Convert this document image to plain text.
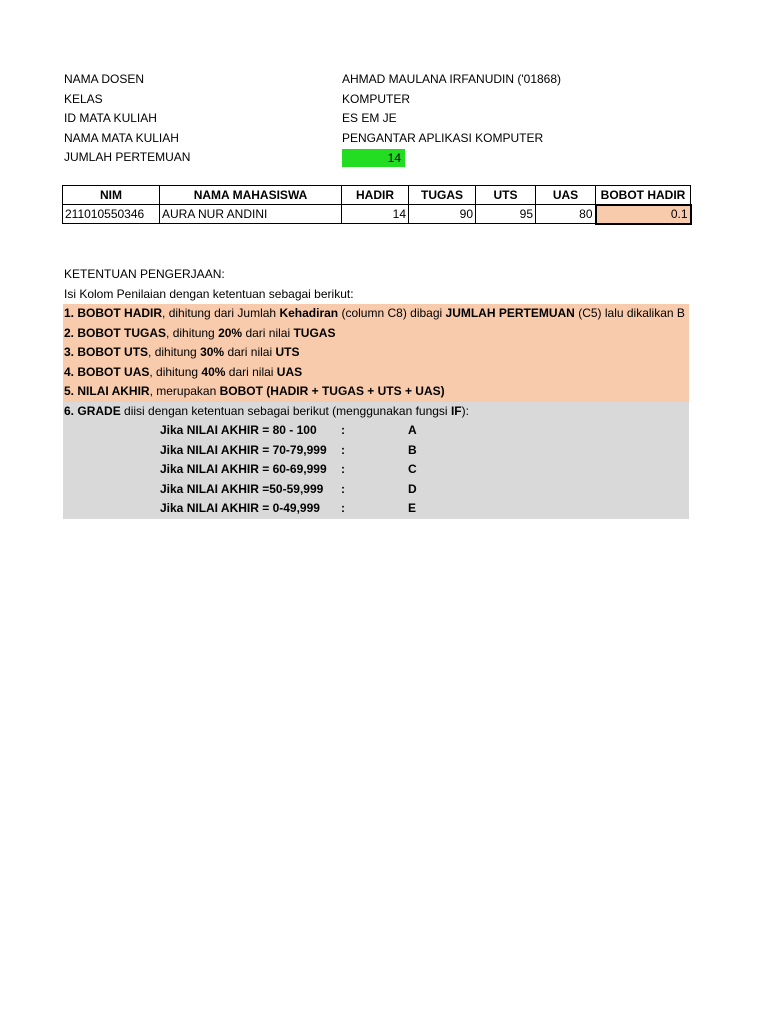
NAMA DOSEN	AHMAD MAULANA IRFANUDIN ('01868)
KELAS	KOMPUTER
ID MATA KULIAH	ES EM JE
NAMA MATA KULIAH	PENGANTAR APLIKASI KOMPUTER
JUMLAH PERTEMUAN	14
NIM	NAMA MAHASISWA	HADIR	TUGAS	UTS	UAS	BOBOT HADIR
211010550346	AURA NUR ANDINI	14	90	95	80	0.1
KETENTUAN PENGERJAAN:
Isi Kolom Penilaian dengan ketentuan sebagai berikut:
1. BOBOT HADIR, dihitung dari Jumlah Kehadiran (column C8) dibagi JUMLAH PERTEMUAN (C5) lalu dikalikan B
2. BOBOT TUGAS, dihitung 20% dari nilai TUGAS
3. BOBOT UTS, dihitung 30% dari nilai UTS
4. BOBOT UAS, dihitung 40% dari nilai UAS
5. NILAI AKHIR, merupakan BOBOT (HADIR + TUGAS + UTS + UAS)
6. GRADE diisi dengan ketentuan sebagai berikut (menggunakan fungsi IF):
Jika NILAI AKHIR = 80 - 100 :	A
Jika NILAI AKHIR = 70-79,999 :	B
Jika NILAI AKHIR = 60-69,999 :	C
Jika NILAI AKHIR =50-59,999 :	D
Jika NILAI AKHIR = 0-49,999 :	E
